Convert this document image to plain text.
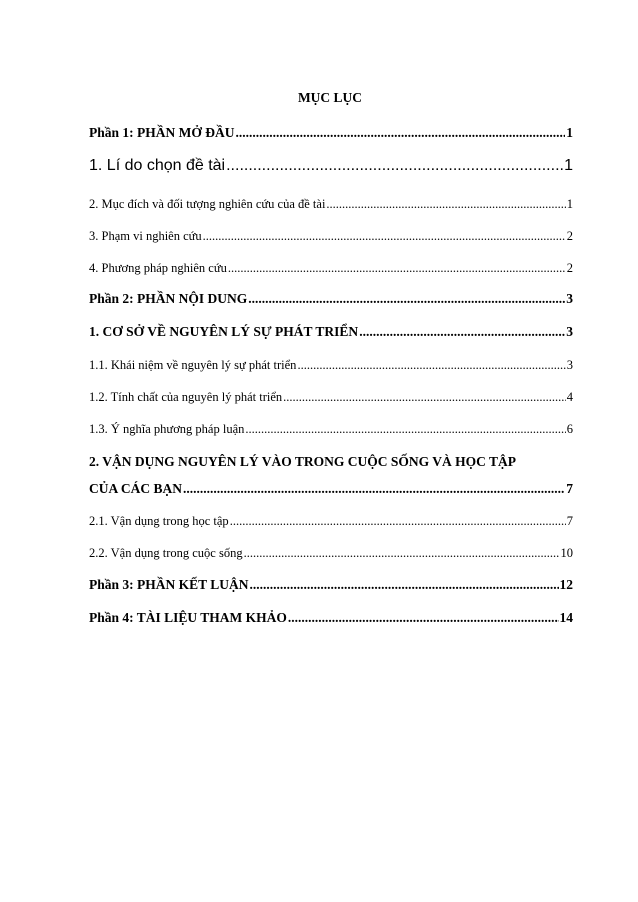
MỤC LỤC
Phần 1: PHẦN MỞ ĐẦU .....	1
1. Lí do chọn đề tài .....	1
2. Mục đích và đối tượng nghiên cứu của đề tài .....	1
3. Phạm vi nghiên cứu .....	2
4. Phương pháp nghiên cứu .....	2
Phần 2: PHẦN NỘI DUNG .....	3
1. CƠ SỞ VỀ NGUYÊN LÝ SỰ PHÁT TRIỂN .....	3
1.1. Khái niệm về nguyên lý sự phát triển .....	3
1.2. Tính chất của nguyên lý phát triển .....	4
1.3. Ý nghĩa phương pháp luận .....	6
2. VẬN DỤNG NGUYÊN LÝ VÀO TRONG CUỘC SỐNG VÀ HỌC TẬP
CỦA CÁC BẠN .....	7
2.1. Vận dụng trong học tập .....	7
2.2. Vận dụng trong cuộc sống .....	10
Phần 3: PHẦN KẾT LUẬN .....	12
Phần 4: TÀI LIỆU THAM KHẢO .....	14
